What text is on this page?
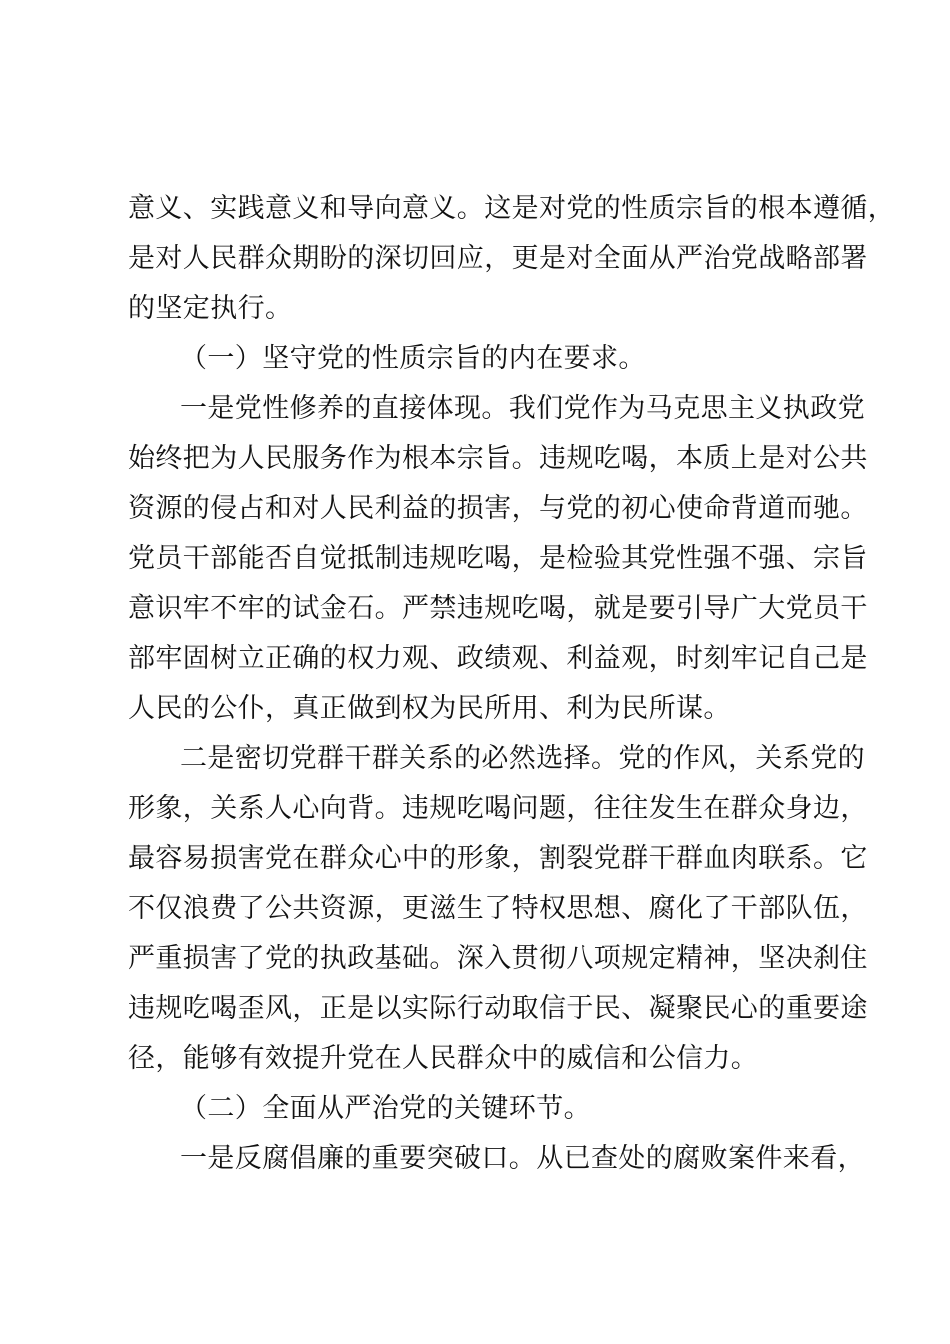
意义、实践意义和导向意义。这是对党的性质宗旨的根本遵循，
是对人民群众期盼的深切回应，更是对全面从严治党战略部署
的坚定执行。
（一）坚守党的性质宗旨的内在要求。
一是党性修养的直接体现。我们党作为马克思主义执政党
始终把为人民服务作为根本宗旨。违规吃喝，本质上是对公共
资源的侵占和对人民利益的损害，与党的初心使命背道而驰。
党员干部能否自觉抵制违规吃喝，是检验其党性强不强、宗旨
意识牢不牢的试金石。严禁违规吃喝，就是要引导广大党员干
部牢固树立正确的权力观、政绩观、利益观，时刻牢记自己是
人民的公仆，真正做到权为民所用、利为民所谋。
二是密切党群干群关系的必然选择。党的作风，关系党的
形象，关系人心向背。违规吃喝问题，往往发生在群众身边，
最容易损害党在群众心中的形象，割裂党群干群血肉联系。它
不仅浪费了公共资源，更滋生了特权思想、腐化了干部队伍，
严重损害了党的执政基础。深入贯彻八项规定精神，坚决刹住
违规吃喝歪风，正是以实际行动取信于民、凝聚民心的重要途
径，能够有效提升党在人民群众中的威信和公信力。
（二）全面从严治党的关键环节。
一是反腐倡廉的重要突破口。从已查处的腐败案件来看，
